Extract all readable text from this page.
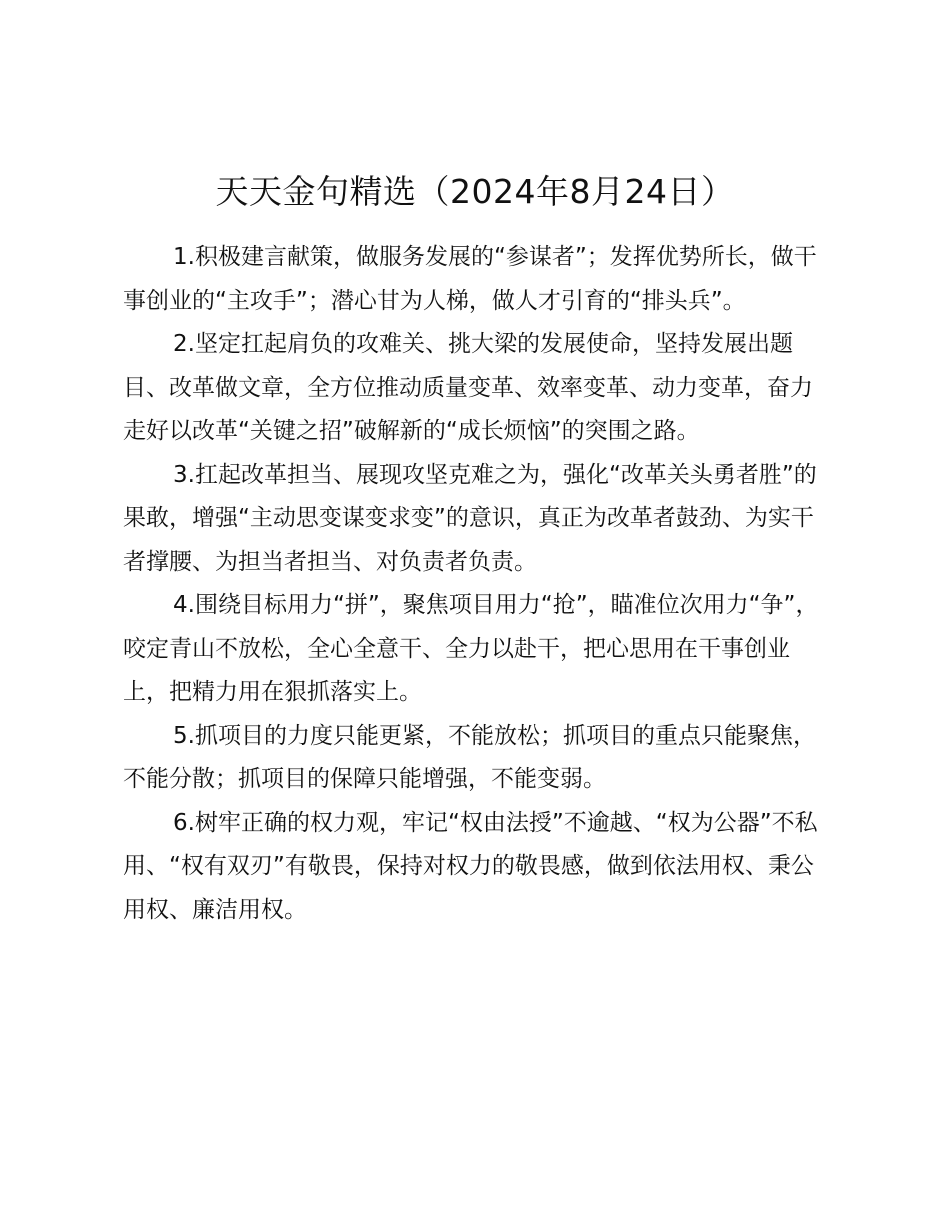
天天金句精选（2024年8月24日）

1.积极建言献策，做服务发展的“参谋者”；发挥优势所长，做干事创业的“主攻手”；潜心甘为人梯，做人才引育的“排头兵”。

2.坚定扛起肩负的攻难关、挑大梁的发展使命，坚持发展出题目、改革做文章，全方位推动质量变革、效率变革、动力变革，奋力走好以改革“关键之招”破解新的“成长烦恼”的突围之路。

3.扛起改革担当、展现攻坚克难之为，强化“改革关头勇者胜”的果敢，增强“主动思变谋变求变”的意识，真正为改革者鼓劲、为实干者撑腰、为担当者担当、对负责者负责。

4.围绕目标用力“拼”，聚焦项目用力“抢”，瞄准位次用力“争”，咬定青山不放松，全心全意干、全力以赴干，把心思用在干事创业上，把精力用在狠抓落实上。

5.抓项目的力度只能更紧，不能放松；抓项目的重点只能聚焦，不能分散；抓项目的保障只能增强，不能变弱。

6.树牢正确的权力观，牢记“权由法授”不逾越、“权为公器”不私用、“权有双刃”有敬畏，保持对权力的敬畏感，做到依法用权、秉公用权、廉洁用权。
